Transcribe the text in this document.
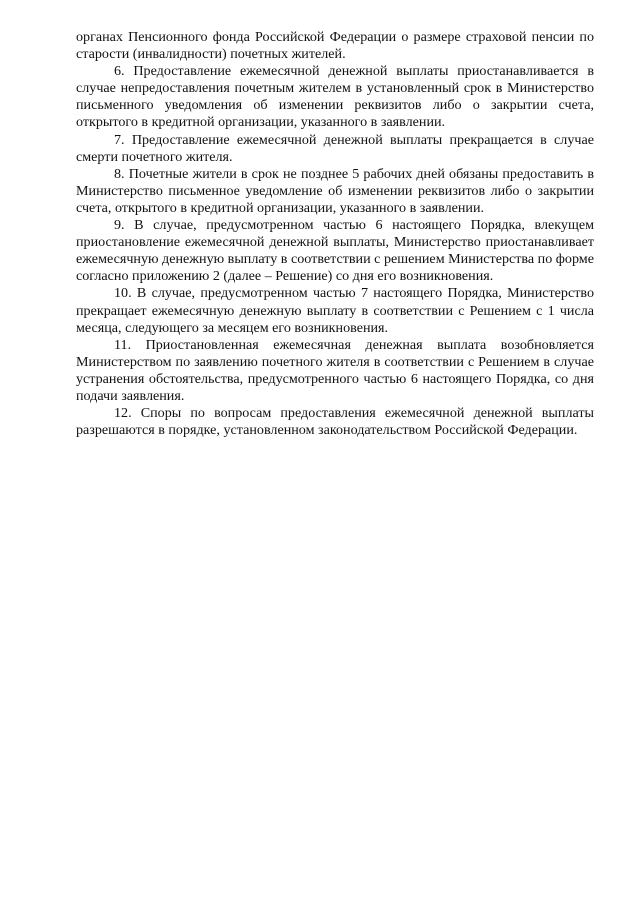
органах Пенсионного фонда Российской Федерации о размере страховой пенсии по старости (инвалидности) почетных жителей.

6. Предоставление ежемесячной денежной выплаты приостанавливается в случае непредоставления почетным жителем в установленный срок в Министерство письменного уведомления об изменении реквизитов либо о закрытии счета, открытого в кредитной организации, указанного в заявлении.

7. Предоставление ежемесячной денежной выплаты прекращается в случае смерти почетного жителя.

8. Почетные жители в срок не позднее 5 рабочих дней обязаны предоставить в Министерство письменное уведомление об изменении реквизитов либо о закрытии счета, открытого в кредитной организации, указанного в заявлении.

9. В случае, предусмотренном частью 6 настоящего Порядка, влекущем приостановление ежемесячной денежной выплаты, Министерство приостанавливает ежемесячную денежную выплату в соответствии с решением Министерства по форме согласно приложению 2 (далее – Решение) со дня его возникновения.

10. В случае, предусмотренном частью 7 настоящего Порядка, Министерство прекращает ежемесячную денежную выплату в соответствии с Решением с 1 числа месяца, следующего за месяцем его возникновения.

11. Приостановленная ежемесячная денежная выплата возобновляется Министерством по заявлению почетного жителя в соответствии с Решением в случае устранения обстоятельства, предусмотренного частью 6 настоящего Порядка, со дня подачи заявления.

12. Споры по вопросам предоставления ежемесячной денежной выплаты разрешаются в порядке, установленном законодательством Российской Федерации.
